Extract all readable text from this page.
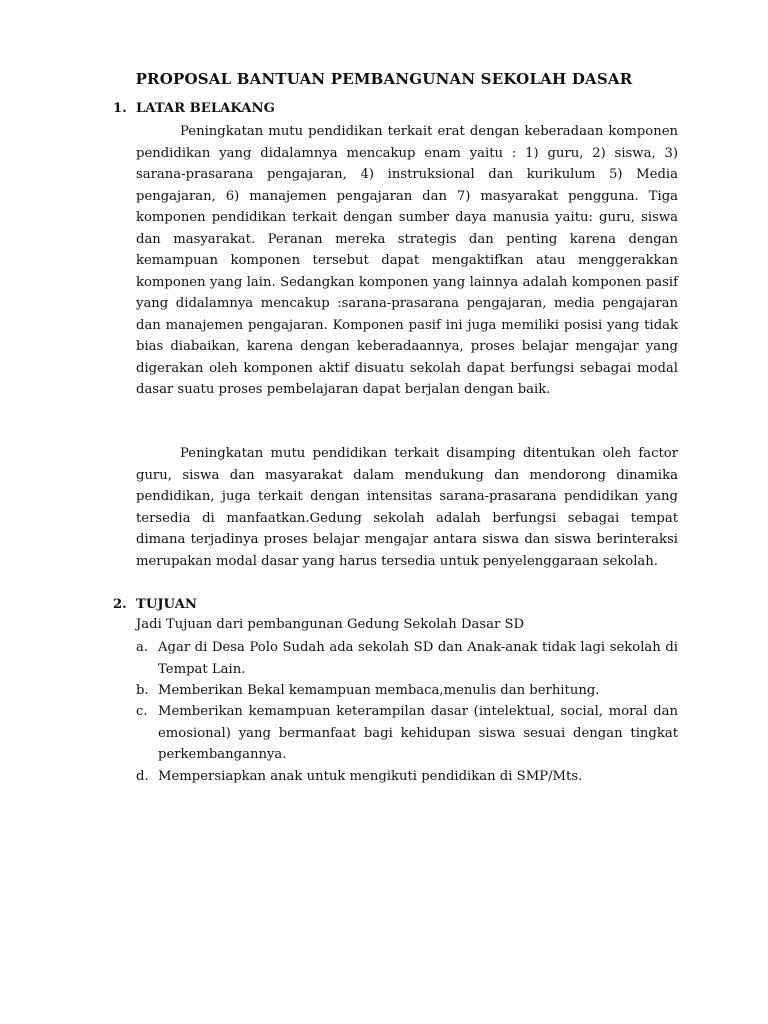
PROPOSAL BANTUAN PEMBANGUNAN SEKOLAH DASAR
1. LATAR BELAKANG

Peningkatan mutu pendidikan terkait erat dengan keberadaan komponen pendidikan yang didalamnya mencakup enam yaitu : 1) guru, 2) siswa, 3) sarana-prasarana pengajaran, 4) instruksional dan kurikulum 5) Media pengajaran, 6) manajemen pengajaran dan 7) masyarakat pengguna. Tiga komponen pendidikan terkait dengan sumber daya manusia yaitu: guru, siswa dan masyarakat. Peranan mereka strategis dan penting karena dengan kemampuan komponen tersebut dapat mengaktifkan atau menggerakkan komponen yang lain. Sedangkan komponen yang lainnya adalah komponen pasif yang didalamnya mencakup :sarana-prasarana pengajaran, media pengajaran dan manajemen pengajaran. Komponen pasif ini juga memiliki posisi yang tidak bias diabaikan, karena dengan keberadaannya, proses belajar mengajar yang digerakan oleh komponen aktif disuatu sekolah dapat berfungsi sebagai modal dasar suatu proses pembelajaran dapat berjalan dengan baik.

Peningkatan mutu pendidikan terkait disamping ditentukan oleh factor guru, siswa dan masyarakat dalam mendukung dan mendorong dinamika pendidikan, juga terkait dengan intensitas sarana-prasarana pendidikan yang tersedia di manfaatkan.Gedung sekolah adalah berfungsi sebagai tempat dimana terjadinya proses belajar mengajar antara siswa dan siswa berinteraksi merupakan modal dasar yang harus tersedia untuk penyelenggaraan sekolah.

2. TUJUAN

Jadi Tujuan dari pembangunan Gedung Sekolah Dasar SD

a. Agar di Desa Polo Sudah ada sekolah SD dan Anak-anak tidak lagi sekolah di Tempat Lain.
b. Memberikan Bekal kemampuan membaca,menulis dan berhitung.
c. Memberikan kemampuan keterampilan dasar (intelektual, social, moral dan emosional) yang bermanfaat bagi kehidupan siswa sesuai dengan tingkat perkembangannya.
d. Mempersiapkan anak untuk mengikuti pendidikan di SMP/Mts.
